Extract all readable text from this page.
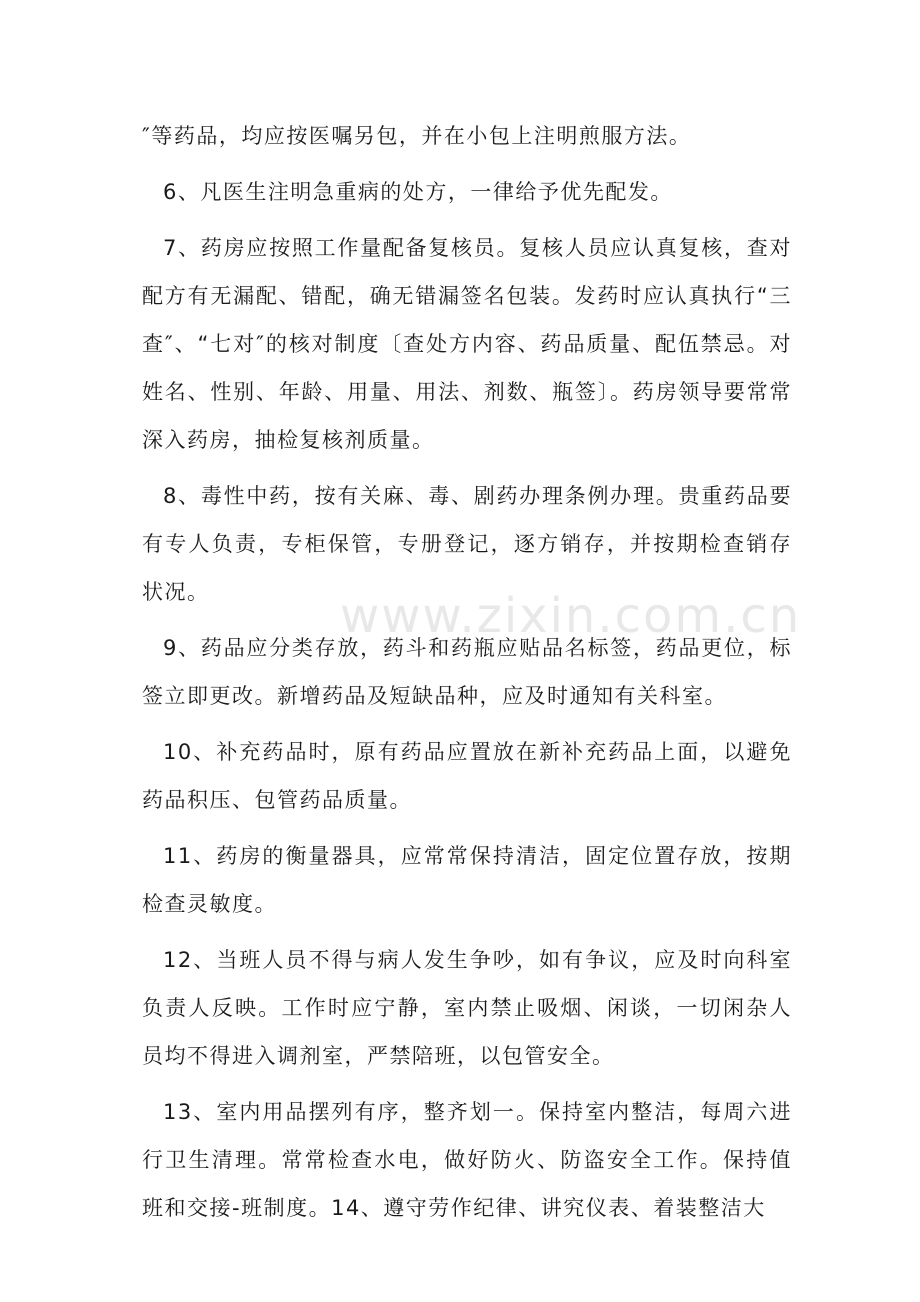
″等药品，均应按医嘱另包，并在小包上注明煎服方法。

6、凡医生注明急重病的处方，一律给予优先配发。

7、药房应按照工作量配备复核员。复核人员应认真复核，查对配方有无漏配、错配，确无错漏签名包装。发药时应认真执行“三查″、“七对″的核对制度〔查处方内容、药品质量、配伍禁忌。对姓名、性别、年龄、用量、用法、剂数、瓶签〕。药房领导要常常深入药房，抽检复核剂质量。

8、毒性中药，按有关麻、毒、剧药办理条例办理。贵重药品要有专人负责，专柜保管，专册登记，逐方销存，并按期检查销存状况。

9、药品应分类存放，药斗和药瓶应贴品名标签，药品更位，标签立即更改。新增药品及短缺品种，应及时通知有关科室。

10、补充药品时，原有药品应置放在新补充药品上面，以避免药品积压、包管药品质量。

11、药房的衡量器具，应常常保持清洁，固定位置存放，按期检查灵敏度。

12、当班人员不得与病人发生争吵，如有争议，应及时向科室负责人反映。工作时应宁静，室内禁止吸烟、闲谈，一切闲杂人员均不得进入调剂室，严禁陪班，以包管安全。

13、室内用品摆列有序，整齐划一。保持室内整洁，每周六进行卫生清理。常常检查水电，做好防火、防盗安全工作。保持值班和交接-班制度。14、遵守劳作纪律、讲究仪表、着装整洁大

www.zixin.com.cn
